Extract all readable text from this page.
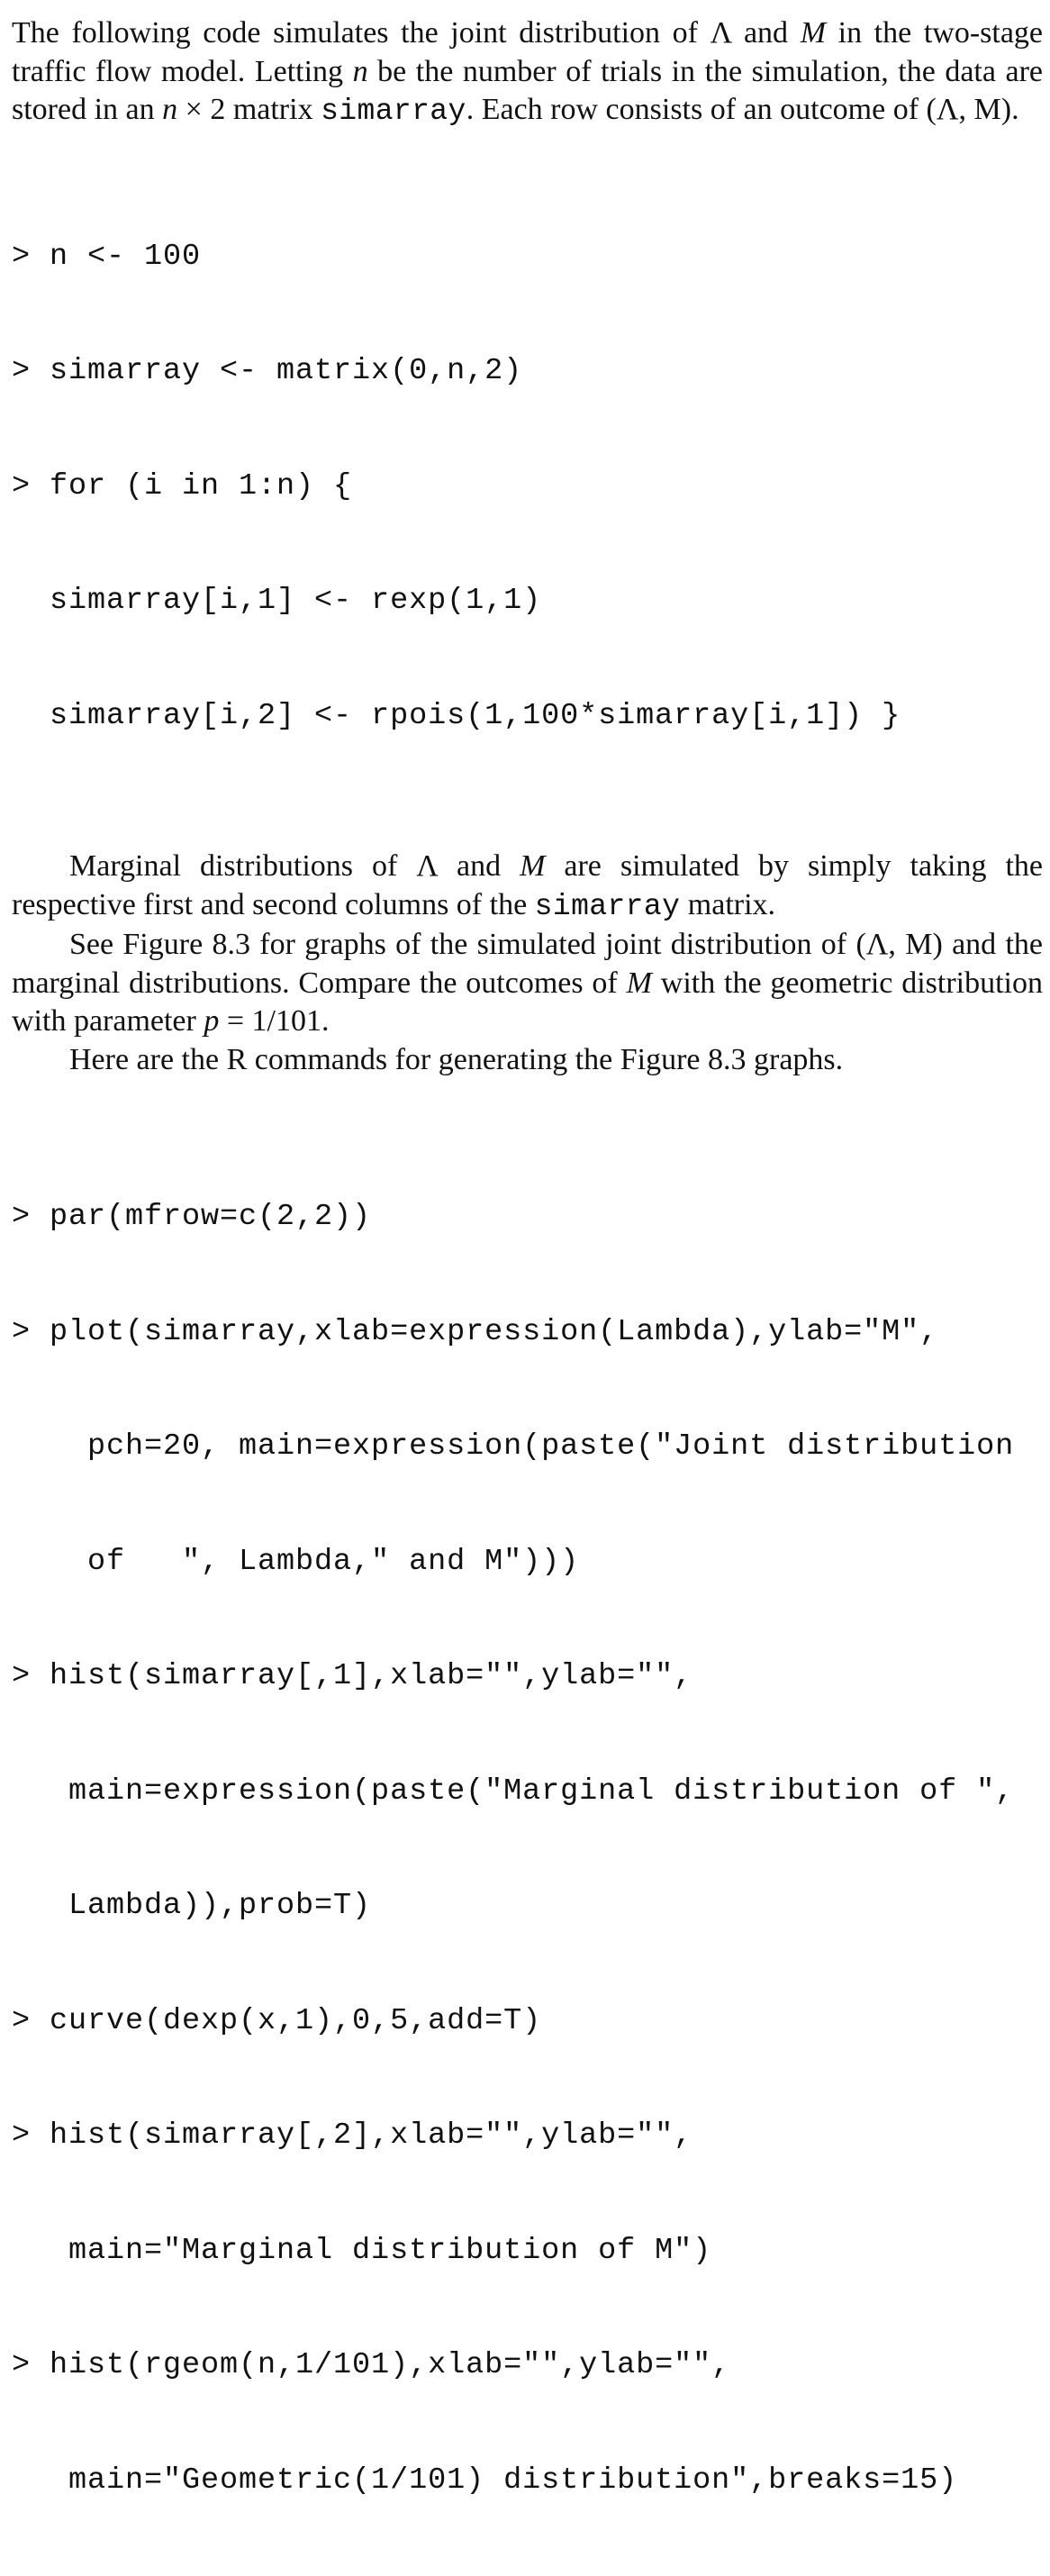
The following code simulates the joint distribution of Λ and M in the two-stage traffic flow model. Letting n be the number of trials in the simulation, the data are stored in an n × 2 matrix simarray. Each row consists of an outcome of (Λ, M).

> n <- 100

> simarray <- matrix(0,n,2)

> for (i in 1:n) {

simarray[i,1] <- rexp(1,1)

simarray[i,2] <- rpois(1,100*simarray[i,1]) }

Marginal distributions of Λ and M are simulated by simply taking the respective first and second columns of the simarray matrix.

See Figure 8.3 for graphs of the simulated joint distribution of (Λ, M) and the marginal distributions. Compare the outcomes of M with the geometric distribution with parameter p = 1/101.

Here are the R commands for generating the Figure 8.3 graphs.

> par(mfrow=c(2,2))

> plot(simarray,xlab=expression(Lambda),ylab="M",

pch=20, main=expression(paste("Joint distribution

of   ", Lambda," and M")))

> hist(simarray[,1],xlab="",ylab="",

main=expression(paste("Marginal distribution of ",

Lambda)),prob=T)

> curve(dexp(x,1),0,5,add=T)

> hist(simarray[,2],xlab="",ylab="",

main="Marginal distribution of M")

> hist(rgeom(n,1/101),xlab="",ylab="",

main="Geometric(1/101) distribution",breaks=15)
